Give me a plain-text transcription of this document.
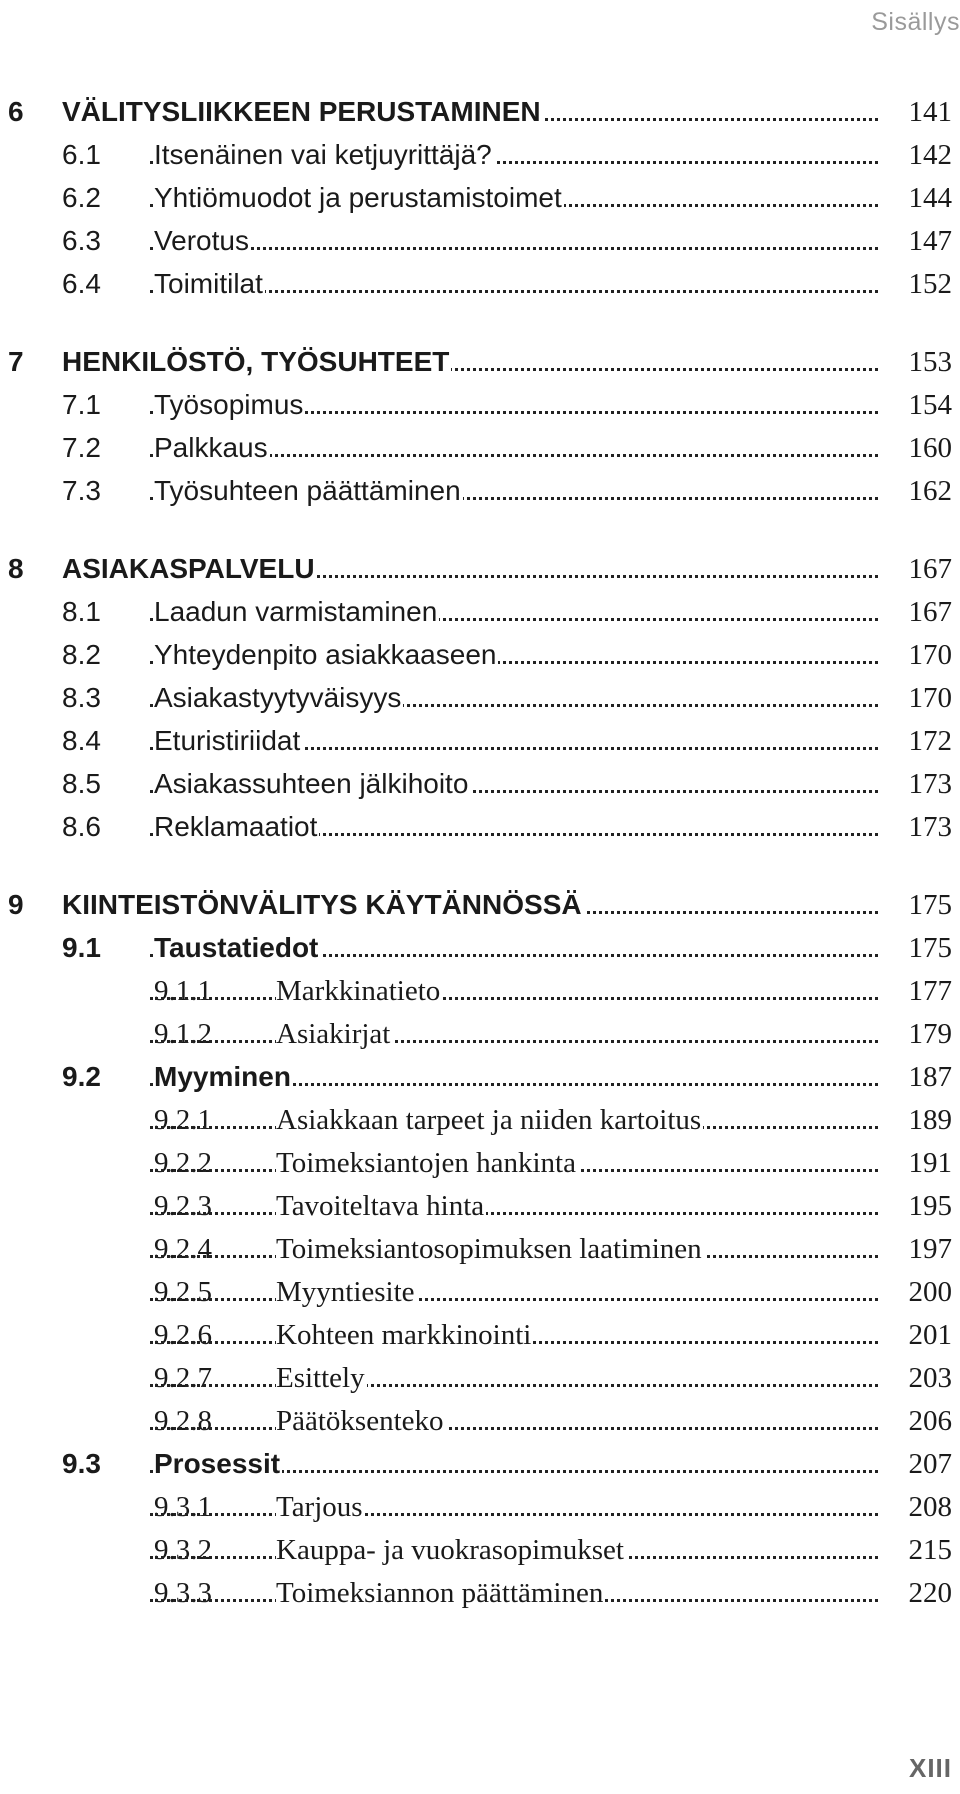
Sisällys
6 VÄLITYSLIIKKEEN PERUSTAMINEN	141
6.1 Itsenäinen vai ketjuyrittäjä?	142
6.2 Yhtiömuodot ja perustamistoimet	144
6.3 Verotus	147
6.4 Toimitilat	152
7 HENKILÖSTÖ, TYÖSUHTEET	153
7.1 Työsopimus	154
7.2 Palkkaus	160
7.3 Työsuhteen päättäminen	162
8 ASIAKASPALVELU	167
8.1 Laadun varmistaminen	167
8.2 Yhteydenpito asiakkaaseen	170
8.3 Asiakastyytyväisyys	170
8.4 Eturistiriidat	172
8.5 Asiakassuhteen jälkihoito	173
8.6 Reklamaatiot	173
9 KIINTEISTÖNVÄLITYS KÄYTÄNNÖSSÄ	175
9.1 Taustatiedot	175
9.1.1 Markkinatieto	177
9.1.2 Asiakirjat	179
9.2 Myyminen	187
9.2.1 Asiakkaan tarpeet ja niiden kartoitus	189
9.2.2 Toimeksiantojen hankinta	191
9.2.3 Tavoiteltava hinta	195
9.2.4 Toimeksiantosopimuksen laatiminen	197
9.2.5 Myyntiesite	200
9.2.6 Kohteen markkinointi	201
9.2.7 Esittely	203
9.2.8 Päätöksenteko	206
9.3 Prosessit	207
9.3.1 Tarjous	208
9.3.2 Kauppa- ja vuokrasopimukset	215
9.3.3 Toimeksiannon päättäminen	220
XIII
